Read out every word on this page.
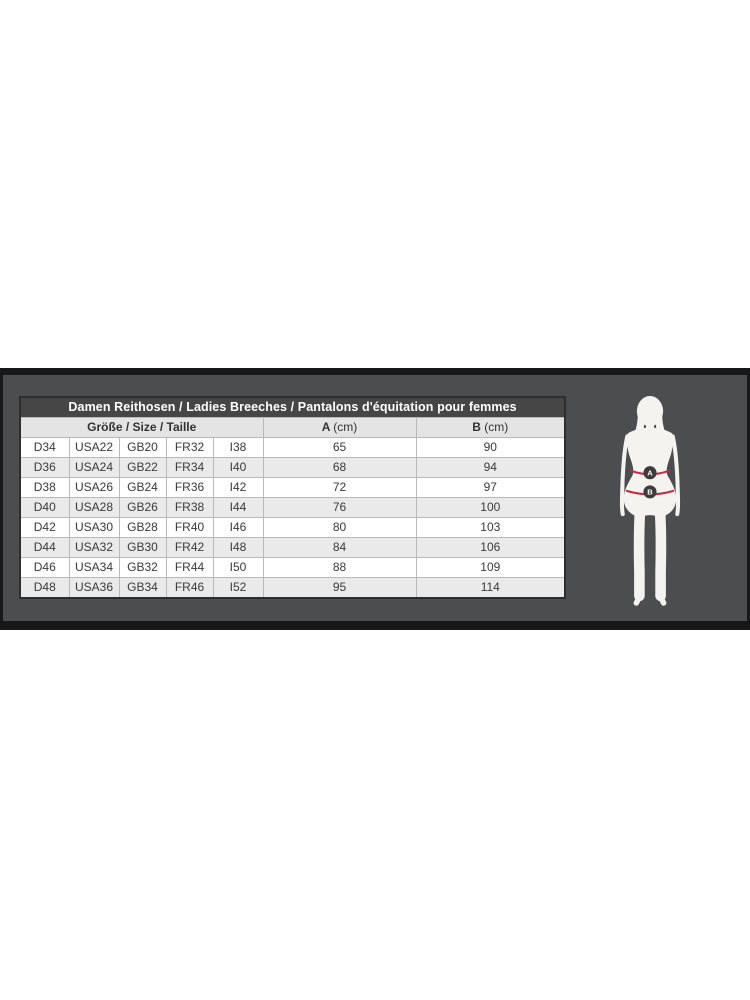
Damen Reithosen / Ladies Breeches / Pantalons d'équitation pour femmes						
Größe / Size / Taille					A (cm)	B (cm)
D34	USA22	GB20	FR32	I38	65	90
D36	USA24	GB22	FR34	I40	68	94
D38	USA26	GB24	FR36	I42	72	97
D40	USA28	GB26	FR38	I44	76	100
D42	USA30	GB28	FR40	I46	80	103
D44	USA32	GB30	FR42	I48	84	106
D46	USA34	GB32	FR44	I50	88	109
D48	USA36	GB34	FR46	I52	95	114
A
B
